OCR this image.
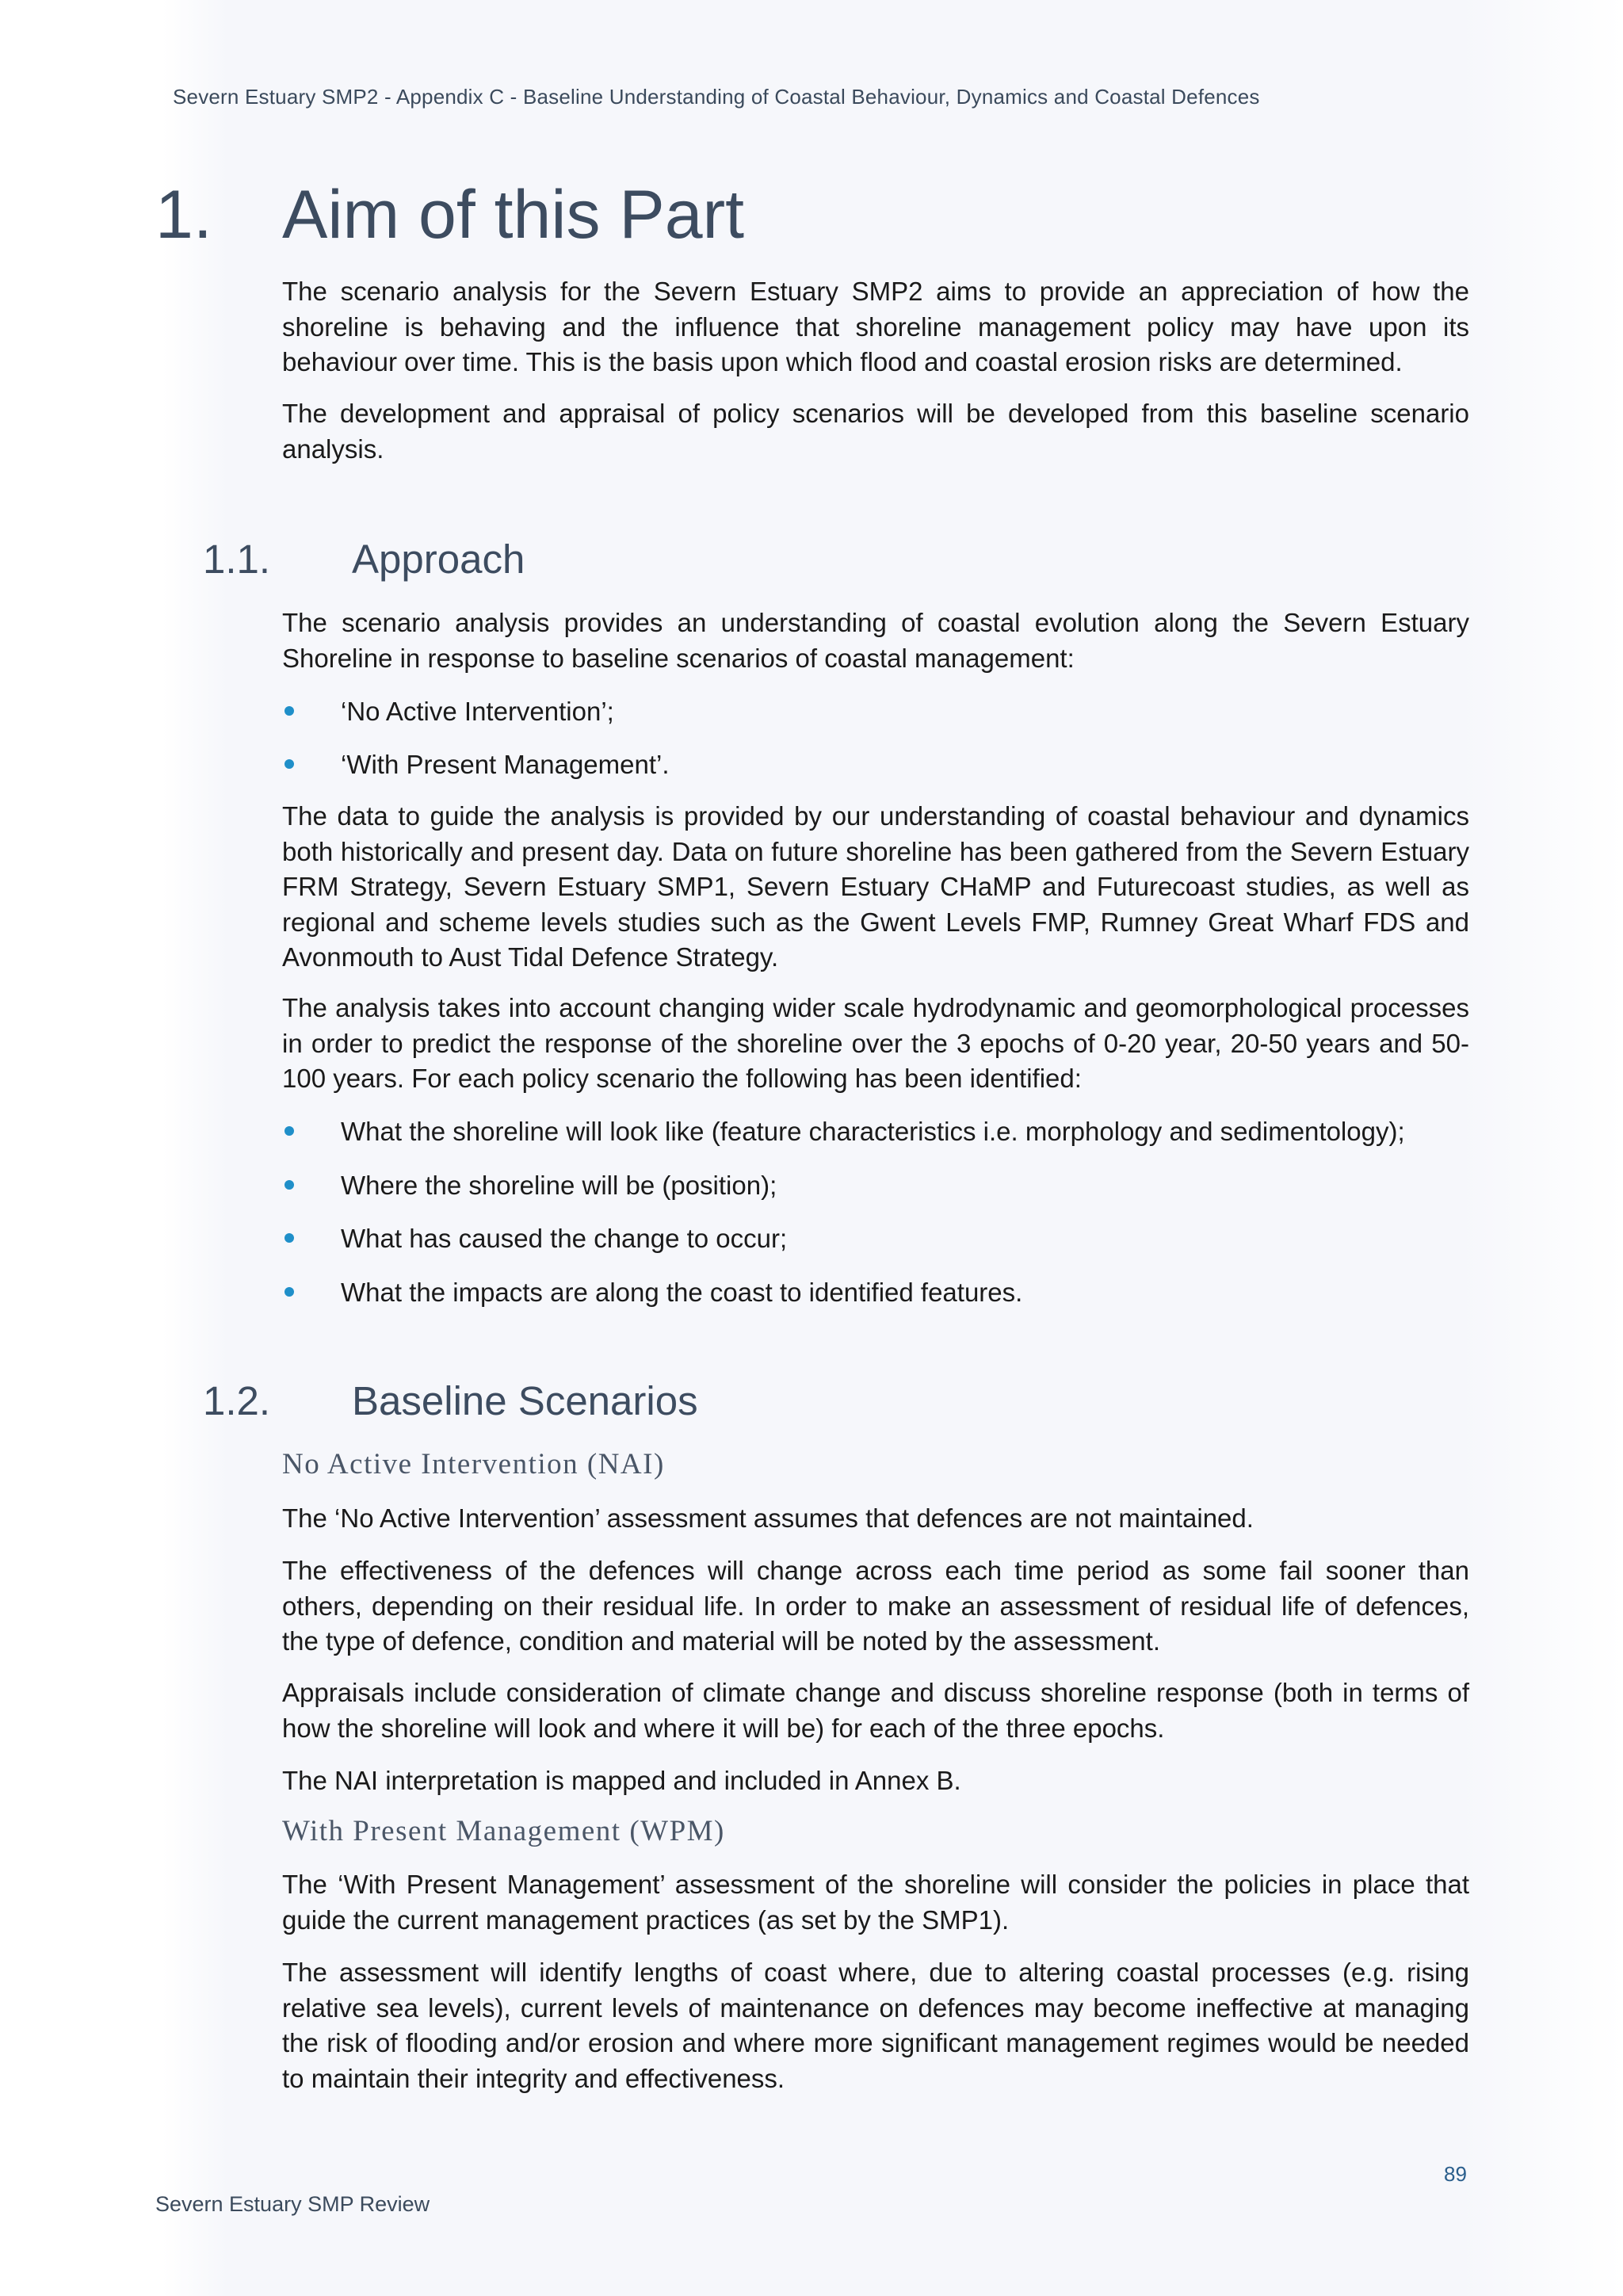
Severn Estuary SMP2 - Appendix C - Baseline Understanding of Coastal Behaviour, Dynamics and Coastal Defences
1.	Aim of this Part

The scenario analysis for the Severn Estuary SMP2 aims to provide an appreciation of how the shoreline is behaving and the influence that shoreline management policy may have upon its behaviour over time. This is the basis upon which flood and coastal erosion risks are determined.

The development and appraisal of policy scenarios will be developed from this baseline scenario analysis.

1.1.	Approach

The scenario analysis provides an understanding of coastal evolution along the Severn Estuary Shoreline in response to baseline scenarios of coastal management:

‘No Active Intervention’;
‘With Present Management’.

The data to guide the analysis is provided by our understanding of coastal behaviour and dynamics both historically and present day. Data on future shoreline has been gathered from the Severn Estuary FRM Strategy, Severn Estuary SMP1, Severn Estuary CHaMP and Futurecoast studies, as well as regional and scheme levels studies such as the Gwent Levels FMP, Rumney Great Wharf FDS and Avonmouth to Aust Tidal Defence Strategy.

The analysis takes into account changing wider scale hydrodynamic and geomorphological processes in order to predict the response of the shoreline over the 3 epochs of 0-20 year, 20-50 years and 50-100 years. For each policy scenario the following has been identified:

What the shoreline will look like (feature characteristics i.e. morphology and sedimentology);
Where the shoreline will be (position);
What has caused the change to occur;
What the impacts are along the coast to identified features.
1.2.	Baseline Scenarios
No Active Intervention (NAI)

The ‘No Active Intervention’ assessment assumes that defences are not maintained.

The effectiveness of the defences will change across each time period as some fail sooner than others, depending on their residual life. In order to make an assessment of residual life of defences, the type of defence, condition and material will be noted by the assessment.

Appraisals include consideration of climate change and discuss shoreline response (both in terms of how the shoreline will look and where it will be) for each of the three epochs.

The NAI interpretation is mapped and included in Annex B.

With Present Management (WPM)

The ‘With Present Management’ assessment of the shoreline will consider the policies in place that guide the current management practices (as set by the SMP1).

The assessment will identify lengths of coast where, due to altering coastal processes (e.g. rising relative sea levels), current levels of maintenance on defences may become ineffective at managing the risk of flooding and/or erosion and where more significant management regimes would be needed to maintain their integrity and effectiveness.

89
Severn Estuary SMP Review
